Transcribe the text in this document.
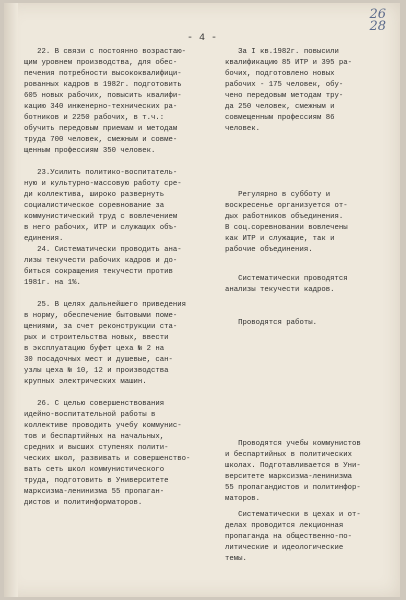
26
28
- 4 -

22. В связи с постоянно возрастаю-

щим уровнем производства, для обес-

печения потребности высококвалифици-

рованных кадров в 1982г. подготовить

605 новых рабочих, повысить квалифи-

кацию 340 инженерно-технических ра-

ботников и 2250 рабочих, в т.ч.:

обучить передовым приемам и методам

труда 700 человек, смежным и совме-

щенным профессиям 350 человек.

23.Усилить политико-воспитатель-

ную и культурно-массовую работу сре-

ди коллектива, широко развернуть

социалистическое соревнование за

коммунистический труд с вовлечением

в него рабочих, ИТР и служащих объ-

единения.

24. Систематически проводить ана-

лизы текучести рабочих кадров и до-

биться сокращения текучести против

1981г. на 1%.

25. В целях дальнейшего приведения

в норму, обеспечение бытовыми поме-

щениями, за счет реконструкции ста-

рых и строительства новых, ввести

в эксплуатацию буфет цеха № 2 на

30 посадочных мест и душевые, сан-

узлы цеха № 10, 12 и производства

крупных электрических машин.

26. С целью совершенствования

идейно-воспитательной работы в

коллективе проводить учебу коммунис-

тов и беспартийных на начальных,

средних и высших ступенях полити-

ческих школ, развивать и совершенство-

вать сеть школ коммунистического

труда, подготовить в Университете

марксизма-ленинизма 55 пропаган-

дистов и политинформаторов.

За I кв.1982г. повысили

квалификацию 85 ИТР и 395 ра-

бочих, подготовлено новых

рабочих - 175 человек, обу-

чено передовым методам тру-

да 250 человек, смежным и

совмещенным профессиям 86

человек.

Регулярно в субботу и

воскресенье организуется от-

дых работников объединения.

В соц.соревновании вовлечены

как ИТР и служащие, так и

рабочие объединения.

Систематически проводятся

анализы текучести кадров.

Проводятся работы.

Проводятся учебы коммунистов

и беспартийных в политических

школах. Подготавливается в Уни-

верситете марксизма-ленинизма

55 пропагандистов и политинфор-

маторов.

Систематически в цехах и от-

делах проводится лекционная

пропаганда на общественно-по-

литические и идеологические

темы.
